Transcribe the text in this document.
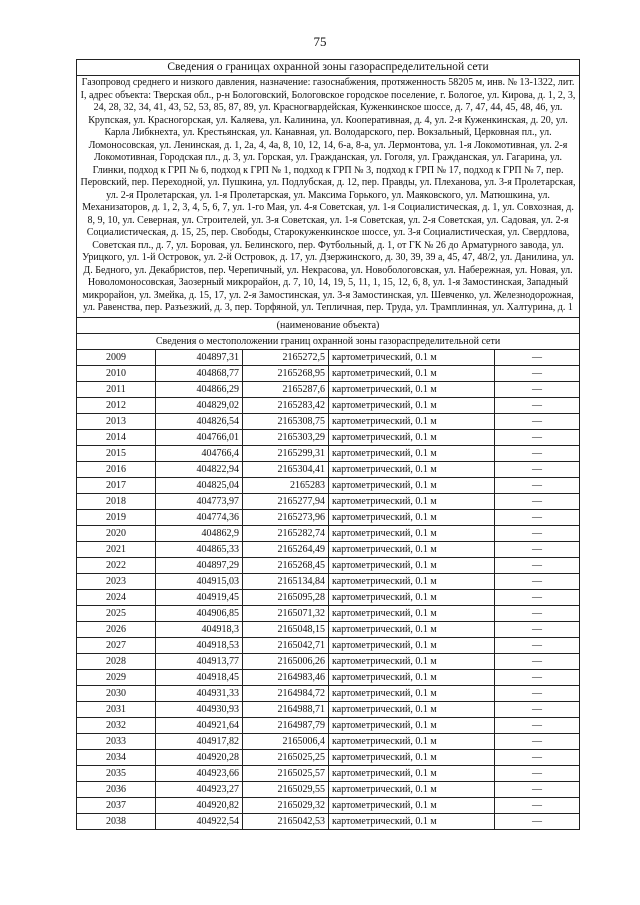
75
Сведения о границах охранной зоны газораспределительной сети				
Газопровод среднего и низкого давления, назначение: газоснабжения, протяженность 58205 м, инв. № 13-1322, лит. I, адрес объекта: Тверская обл., р-н Бологовский, Бологовское городское поселение, г. Бологое, ул. Кирова, д. 1, 2, 3, 24, 28, 32, 34, 41, 43, 52, 53, 85, 87, 89, ул. Красногвардейская, Куженкинское шоссе, д. 7, 47, 44, 45, 48, 46, ул. Крупская, ул. Красногорская, ул. Каляева, ул. Калинина, ул. Кооперативная, д. 4, ул. 2-я Куженкинская, д. 20, ул. Карла Либкнехта, ул. Крестьянская, ул. Канавная, ул. Володарского, пер. Вокзальный, Церковная пл., ул. Ломоносовская, ул. Ленинская, д. 1, 2а, 4, 4а, 8, 10, 12, 14, 6-а, 8-а, ул. Лермонтова, ул. 1-я Локомотивная, ул. 2-я Локомотивная, Городская пл., д. 3, ул. Горская, ул. Гражданская, ул. Гоголя, ул. Гражданская, ул. Гагарина, ул. Глинки, подход к ГРП № 6, подход к ГРП № 1, подход к ГРП № 3, подход к ГРП № 17, подход к ГРП № 7, пер. Перовский, пер. Переходной, ул. Пушкина, ул. Подлубская, д. 12, пер. Правды, ул. Плеханова, ул. 3-я Пролетарская, ул. 2-я Пролетарская, ул. 1-я Пролетарская, ул. Максима Горького, ул. Маяковского, ул. Матюшкина, ул. Механизаторов, д. 1, 2, 3, 4, 5, 6, 7, ул. 1-го Мая, ул. 4-я Советская, ул. 1-я Социалистическая, д. 1, ул. Совхозная, д. 8, 9, 10, ул. Северная, ул. Строителей, ул. 3-я Советская, ул. 1-я Советская, ул. 2-я Советская, ул. Садовая, ул. 2-я Социалистическая, д. 15, 25, пер. Свободы, Старокуженкинское шоссе, ул. 3-я Социалистическая, ул. Свердлова, Советская пл., д. 7, ул. Боровая, ул. Белинского, пер. Футбольный, д. 1, от ГК № 26 до Арматурного завода, ул. Урицкого, ул. 1-й Островок, ул. 2-й Островок, д. 17, ул. Дзержинского, д. 30, 39, 39 а, 45, 47, 48/2, ул. Данилина, ул. Д. Бедного, ул. Декабристов, пер. Черепичный, ул. Некрасова, ул. Новобологовская, ул. Набережная, ул. Новая, ул. Новоломоносовская, Заозерный микрорайон, д. 7, 10, 14, 19, 5, 11, 1, 15, 12, 6, 8, ул. 1-я Замостинская, Западный микрорайон, ул. Змейка, д. 15, 17, ул. 2-я Замостинская, ул. 3-я Замостинская, ул. Шевченко, ул. Железнодорожная, ул. Равенства, пер. Разъезжий, д. 3, пер. Торфяной, ул. Тепличная, пер. Труда, ул. Трамплинная, ул. Халтурина, д. 1				
(наименование объекта)				
Сведения о местоположении границ охранной зоны газораспределительной сети				
2009	404897,31	2165272,5	картометрический, 0.1 м	—
2010	404868,77	2165268,95	картометрический, 0.1 м	—
2011	404866,29	2165287,6	картометрический, 0.1 м	—
2012	404829,02	2165283,42	картометрический, 0.1 м	—
2013	404826,54	2165308,75	картометрический, 0.1 м	—
2014	404766,01	2165303,29	картометрический, 0.1 м	—
2015	404766,4	2165299,31	картометрический, 0.1 м	—
2016	404822,94	2165304,41	картометрический, 0.1 м	—
2017	404825,04	2165283	картометрический, 0.1 м	—
2018	404773,97	2165277,94	картометрический, 0.1 м	—
2019	404774,36	2165273,96	картометрический, 0.1 м	—
2020	404862,9	2165282,74	картометрический, 0.1 м	—
2021	404865,33	2165264,49	картометрический, 0.1 м	—
2022	404897,29	2165268,45	картометрический, 0.1 м	—
2023	404915,03	2165134,84	картометрический, 0.1 м	—
2024	404919,45	2165095,28	картометрический, 0.1 м	—
2025	404906,85	2165071,32	картометрический, 0.1 м	—
2026	404918,3	2165048,15	картометрический, 0.1 м	—
2027	404918,53	2165042,71	картометрический, 0.1 м	—
2028	404913,77	2165006,26	картометрический, 0.1 м	—
2029	404918,45	2164983,46	картометрический, 0.1 м	—
2030	404931,33	2164984,72	картометрический, 0.1 м	—
2031	404930,93	2164988,71	картометрический, 0.1 м	—
2032	404921,64	2164987,79	картометрический, 0.1 м	—
2033	404917,82	2165006,4	картометрический, 0.1 м	—
2034	404920,28	2165025,25	картометрический, 0.1 м	—
2035	404923,66	2165025,57	картометрический, 0.1 м	—
2036	404923,27	2165029,55	картометрический, 0.1 м	—
2037	404920,82	2165029,32	картометрический, 0.1 м	—
2038	404922,54	2165042,53	картометрический, 0.1 м	—
